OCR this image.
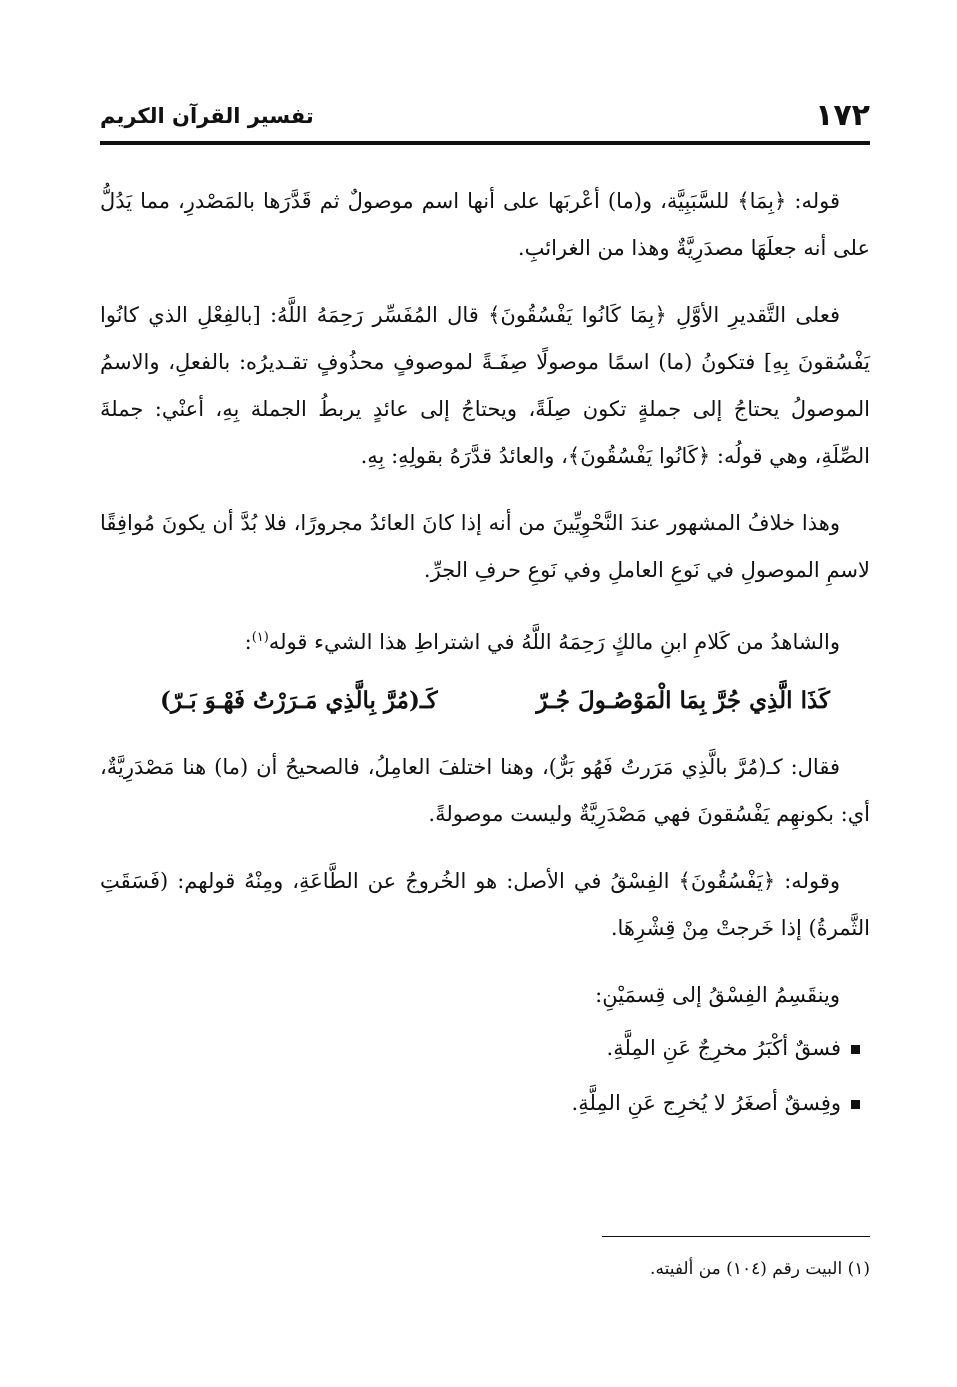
١٧٢
تفسير القرآن الكريم

قوله: ﴿بِمَا﴾ للسَّبَبِيَّة، و(ما) أعْربَها على أنها اسم موصولٌ ثم قَدَّرَها بالمَصْدرِ، مما يَدُلُّ على أنه جعلَهَا مصدَرِيَّةٌ وهذا من الغرائبِ.

فعلى التَّقديرِ الأوَّلِ ﴿بِمَا كَانُوا يَفْسُقُونَ﴾ قال المُفَسِّر رَحِمَهُ اللَّهُ: [بالفِعْلِ الذي كانُوا يَفْسُقونَ بِهِ] فتكونُ (ما) اسمًا موصولًا صِفَـةً لموصوفٍ محذُوفٍ تقـديرُه: بالفعلِ، والاسمُ الموصولُ يحتاجُ إلى جملةٍ تكون صِلَةً، ويحتاجُ إلى عائدٍ يربطُ الجملة بِهِ، أعنْي: جملةَ الصِّلَةِ، وهي قولُه: ﴿كَانُوا يَفْسُقُونَ﴾، والعائدُ قدَّرَهُ بقولِهِ: بِهِ.

وهذا خلافُ المشهور عندَ النَّحْوِيِّينَ من أنه إذا كانَ العائدُ مجرورًا، فلا بُدَّ أن يكونَ مُوافِقًا لاسمِ الموصولِ في نَوعِ العاملِ وفي نَوعِ حرفِ الجرِّ.

والشاهدُ من كَلامِ ابنِ مالكٍ رَحِمَهُ اللَّهُ في اشتراطِ هذا الشيء قوله$^{(١)}$:

كَذَا الَّذِي جُرَّ بِمَا الْمَوْصُـولَ جُـرّ
كَـ(مُرَّ بِالَّذِي مَـرَرْتُ فَهْـوَ بَـرّ)

فقال: كـ(مُرَّ بالَّذِي مَرَرتُ فَهُو بَرٌّ)، وهنا اختلفَ العامِلُ، فالصحيحُ أن (ما) هنا مَصْدَرِيَّةٌ، أي: بكونهِم يَفْسُقونَ فهي مَصْدَرِيَّةٌ وليست موصولةً.

وقوله: ﴿يَفْسُقُونَ﴾ الفِسْقُ في الأصل: هو الخُروجُ عن الطَّاعَةِ، ومِنْهُ قولهم: (فَسَقَتِ الثَّمرةُ) إذا خَرجتْ مِنْ قِشْرِهَا.

وينقَسِمُ الفِسْقُ إلى قِسمَيْنِ:

فسقٌ أكْبَرُ مخرِجٌ عَنِ المِلَّةِ.
وفِسقٌ أصغَرُ لا يُخرِج عَنِ المِلَّةِ.
(١) البيت رقم (١٠٤) من ألفيته.
